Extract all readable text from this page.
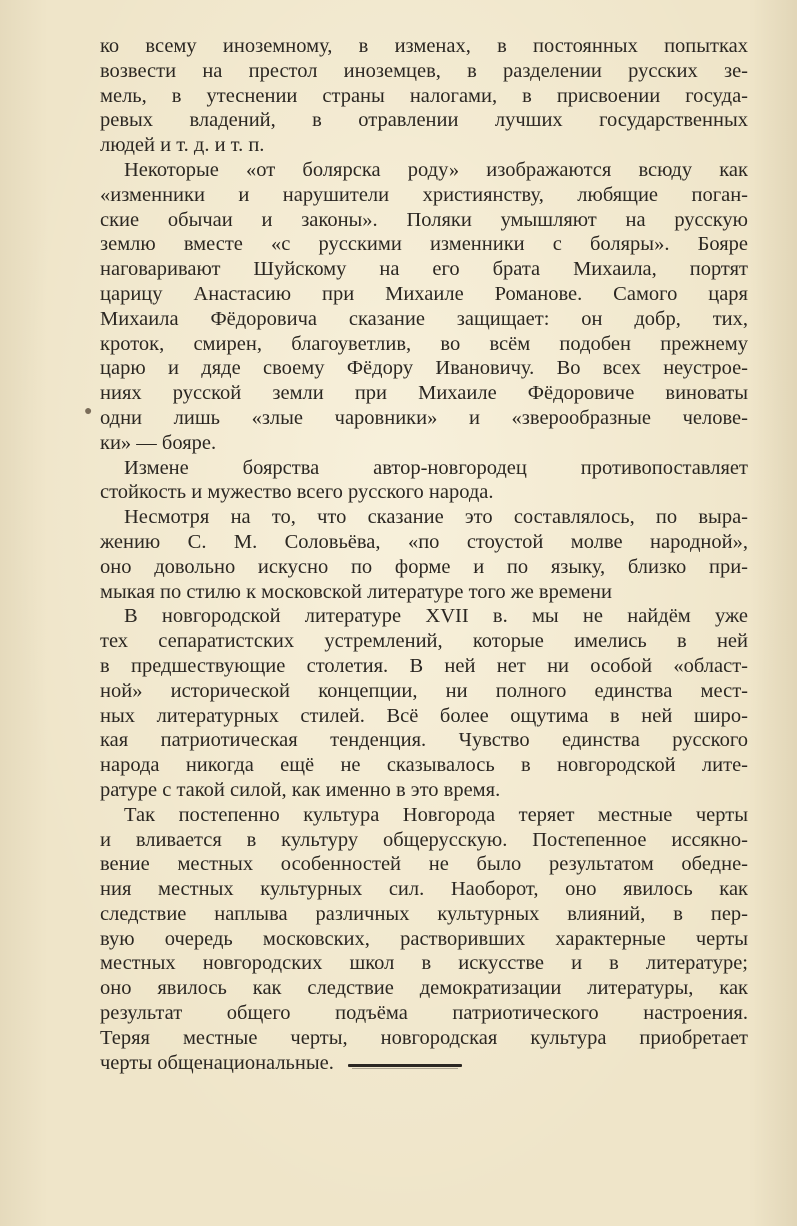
ко всему иноземному, в изменах, в постоянных попытках
возвести на престол иноземцев, в разделении русских зе-
мель, в утеснении страны налогами, в присвоении госуда-
ревых владений, в отравлении лучших государственных
людей и т. д. и т. п.
Некоторые «от болярска роду» изображаются всюду как
«изменники и нарушители християнству, любящие поган-
ские обычаи и законы». Поляки умышляют на русскую
землю вместе «с русскими изменники с боляры». Бояре
наговаривают Шуйскому на его брата Михаила, портят
царицу Анастасию при Михаиле Романове. Самого царя
Михаила Фёдоровича сказание защищает: он добр, тих,
кроток, смирен, благоуветлив, во всём подобен прежнему
царю и дяде своему Фёдору Ивановичу. Во всех неустрое-
ниях русской земли при Михаиле Фёдоровиче виноваты
одни лишь «злые чаровники» и «зверообразные челове-
ки» — бояре.
Измене боярства автор-новгородец противопоставляет
стойкость и мужество всего русского народа.
Несмотря на то, что сказание это составлялось, по выра-
жению С. М. Соловьёва, «по стоустой молве народной»,
оно довольно искусно по форме и по языку, близко при-
мыкая по стилю к московской литературе того же времени
В новгородской литературе XVII в. мы не найдём уже
тех сепаратистских устремлений, которые имелись в ней
в предшествующие столетия. В ней нет ни особой «област-
ной» исторической концепции, ни полного единства мест-
ных литературных стилей. Всё более ощутима в ней широ-
кая патриотическая тенденция. Чувство единства русского
народа никогда ещё не сказывалось в новгородской лите-
ратуре с такой силой, как именно в это время.
Так постепенно культура Новгорода теряет местные черты
и вливается в культуру общерусскую. Постепенное иссякно-
вение местных особенностей не было результатом обедне-
ния местных культурных сил. Наоборот, оно явилось как
следствие наплыва различных культурных влияний, в пер-
вую очередь московских, растворивших характерные черты
местных новгородских школ в искусстве и в литературе;
оно явилось как следствие демократизации литературы, как
результат общего подъёма патриотического настроения.
Теряя местные черты, новгородская культура приобретает
черты общенациональные.
●
